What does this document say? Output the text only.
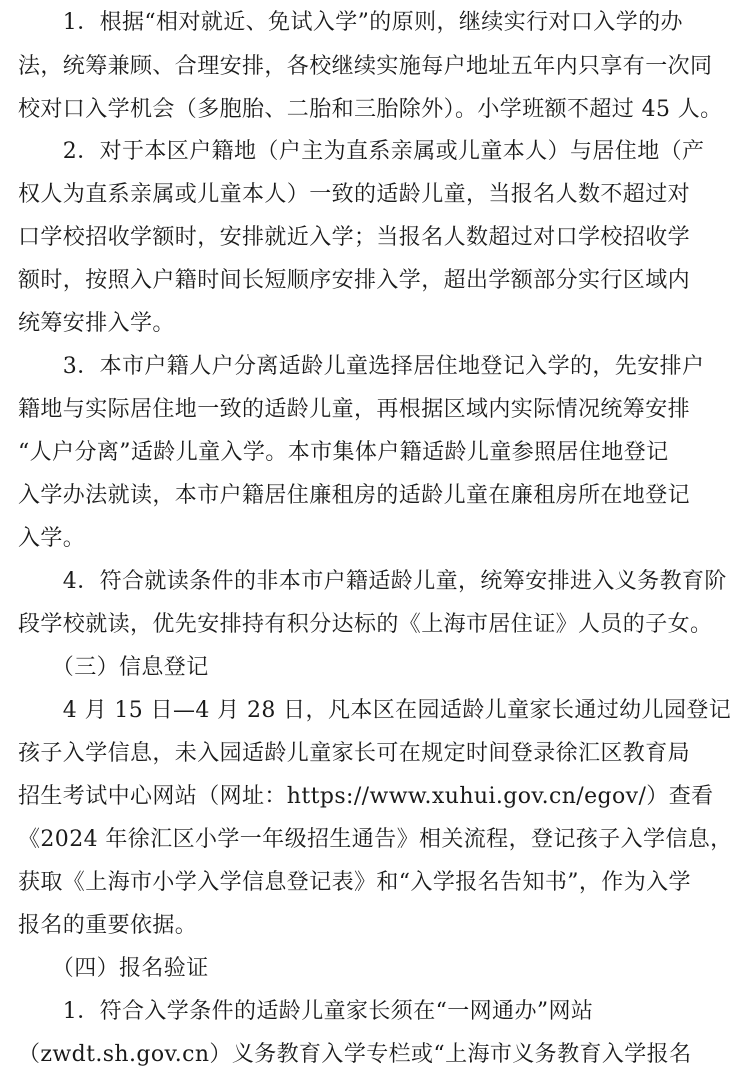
　　1．根据“相对就近、免试入学”的原则，继续实行对口入学的办
法，统筹兼顾、合理安排，各校继续实施每户地址五年内只享有一次同
校对口入学机会（多胞胎、二胎和三胎除外）。小学班额不超过 45 人。
　　2．对于本区户籍地（户主为直系亲属或儿童本人）与居住地（产
权人为直系亲属或儿童本人）一致的适龄儿童，当报名人数不超过对
口学校招收学额时，安排就近入学；当报名人数超过对口学校招收学
额时，按照入户籍时间长短顺序安排入学，超出学额部分实行区域内
统筹安排入学。
　　3．本市户籍人户分离适龄儿童选择居住地登记入学的，先安排户
籍地与实际居住地一致的适龄儿童，再根据区域内实际情况统筹安排
“人户分离”适龄儿童入学。本市集体户籍适龄儿童参照居住地登记
入学办法就读，本市户籍居住廉租房的适龄儿童在廉租房所在地登记
入学。
　　4．符合就读条件的非本市户籍适龄儿童，统筹安排进入义务教育阶
段学校就读，优先安排持有积分达标的《上海市居住证》人员的子女。
　　（三）信息登记
　　4 月 15 日—4 月 28 日，凡本区在园适龄儿童家长通过幼儿园登记
孩子入学信息，未入园适龄儿童家长可在规定时间登录徐汇区教育局
招生考试中心网站（网址：https://www.xuhui.gov.cn/egov/）查看
《2024 年徐汇区小学一年级招生通告》相关流程，登记孩子入学信息，
获取《上海市小学入学信息登记表》和“入学报名告知书”，作为入学
报名的重要依据。
　　（四）报名验证
　　1．符合入学条件的适龄儿童家长须在“一网通办”网站
（zwdt.sh.gov.cn）义务教育入学专栏或“上海市义务教育入学报名
